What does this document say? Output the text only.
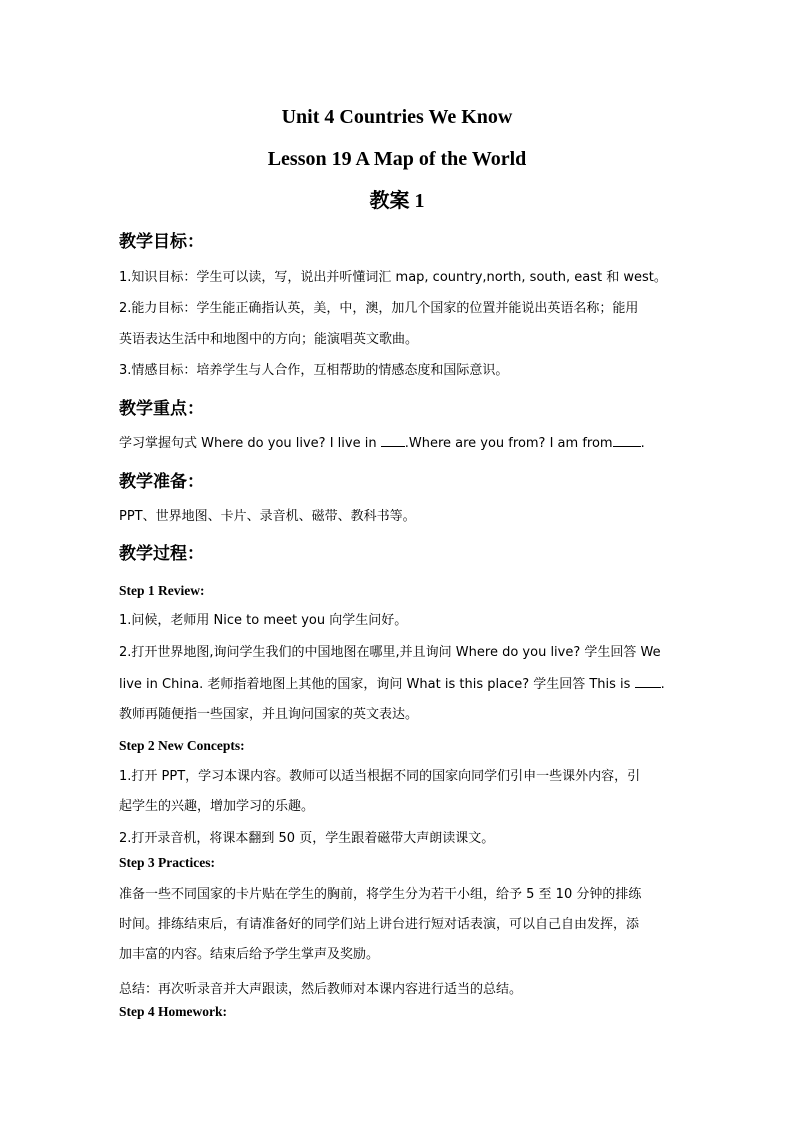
Unit 4 Countries We Know
Lesson 19 A Map of the World
教案 1
教学目标：
1.知识目标：学生可以读，写，说出并听懂词汇 map, country,north, south, east 和 west。
2.能力目标：学生能正确指认英，美，中，澳，加几个国家的位置并能说出英语名称；能用
英语表达生活中和地图中的方向；能演唱英文歌曲。
3.情感目标：培养学生与人合作，互相帮助的情感态度和国际意识。
教学重点：
学习掌握句式 Where do you live? I live in .Where are you from? I am from .
教学准备：
PPT、世界地图、卡片、录音机、磁带、教科书等。
教学过程：
Step 1 Review:
1.问候，老师用 Nice to meet you 向学生问好。
2.打开世界地图,询问学生我们的中国地图在哪里,并且询问 Where do you live? 学生回答 We
live in China. 老师指着地图上其他的国家，询问 What is this place? 学生回答 This is .
教师再随便指一些国家，并且询问国家的英文表达。
Step 2 New Concepts:
1.打开 PPT，学习本课内容。教师可以适当根据不同的国家向同学们引申一些课外内容，引
起学生的兴趣，增加学习的乐趣。
2.打开录音机，将课本翻到 50 页，学生跟着磁带大声朗读课文。
Step 3 Practices:
准备一些不同国家的卡片贴在学生的胸前，将学生分为若干小组，给予 5 至 10 分钟的排练
时间。排练结束后，有请准备好的同学们站上讲台进行短对话表演，可以自己自由发挥，添
加丰富的内容。结束后给予学生掌声及奖励。
总结：再次听录音并大声跟读，然后教师对本课内容进行适当的总结。
Step 4 Homework:
